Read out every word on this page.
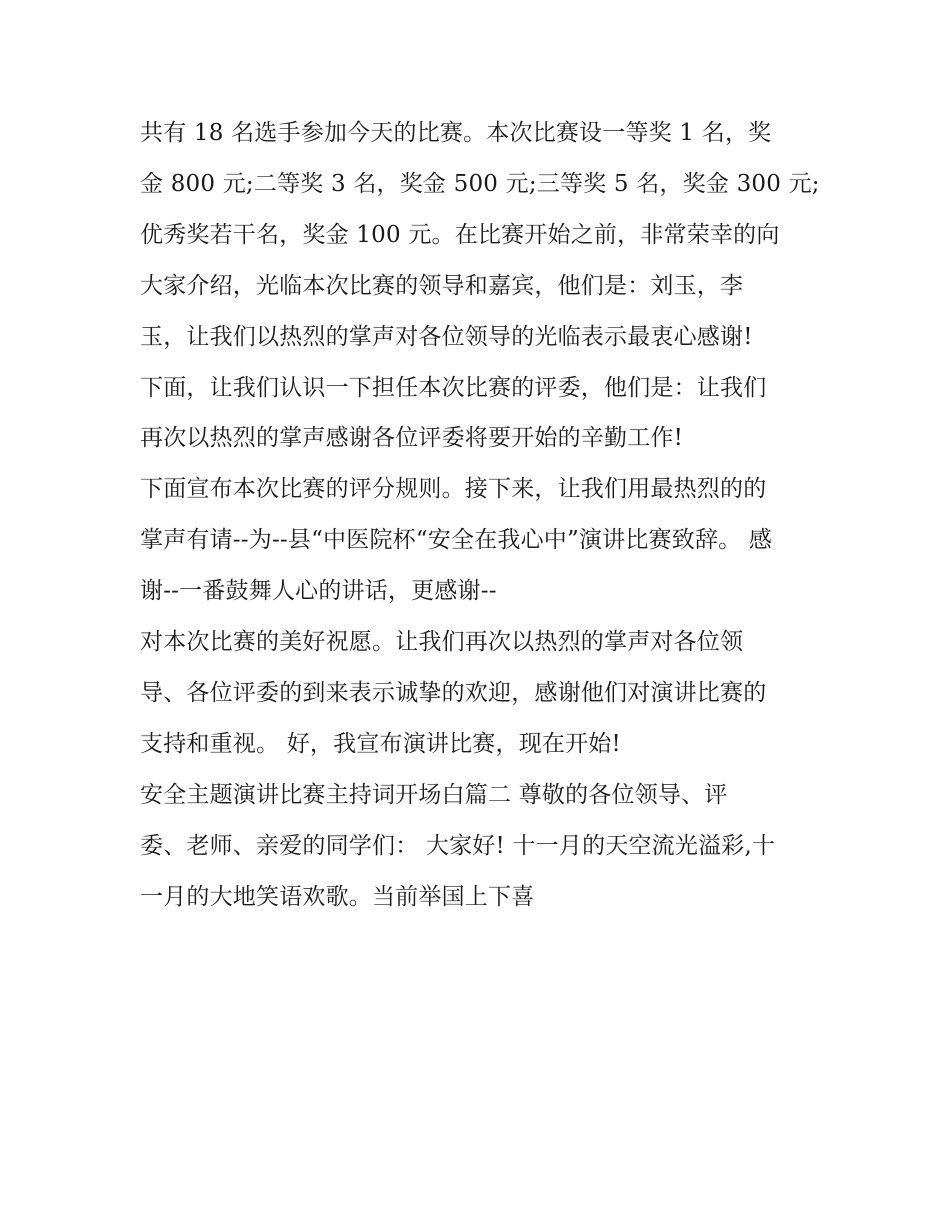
共有 18 名选手参加今天的比赛。本次比赛设一等奖 1 名，奖
金 800 元;二等奖 3 名，奖金 500 元;三等奖 5 名，奖金 300 元;
优秀奖若干名，奖金 100 元。在比赛开始之前，非常荣幸的向
大家介绍，光临本次比赛的领导和嘉宾，他们是：刘玉，李
玉，让我们以热烈的掌声对各位领导的光临表示最衷心感谢!
下面，让我们认识一下担任本次比赛的评委，他们是：让我们
再次以热烈的掌声感谢各位评委将要开始的辛勤工作!
下面宣布本次比赛的评分规则。接下来，让我们用最热烈的的
掌声有请--为--县“中医院杯“安全在我心中”演讲比赛致辞。 感
谢--一番鼓舞人心的讲话，更感谢--
对本次比赛的美好祝愿。让我们再次以热烈的掌声对各位领
导、各位评委的到来表示诚挚的欢迎，感谢他们对演讲比赛的
支持和重视。 好，我宣布演讲比赛，现在开始!
安全主题演讲比赛主持词开场白篇二 尊敬的各位领导、评
委、老师、亲爱的同学们： 大家好! 十一月的天空流光溢彩,十
一月的大地笑语欢歌。当前举国上下喜
